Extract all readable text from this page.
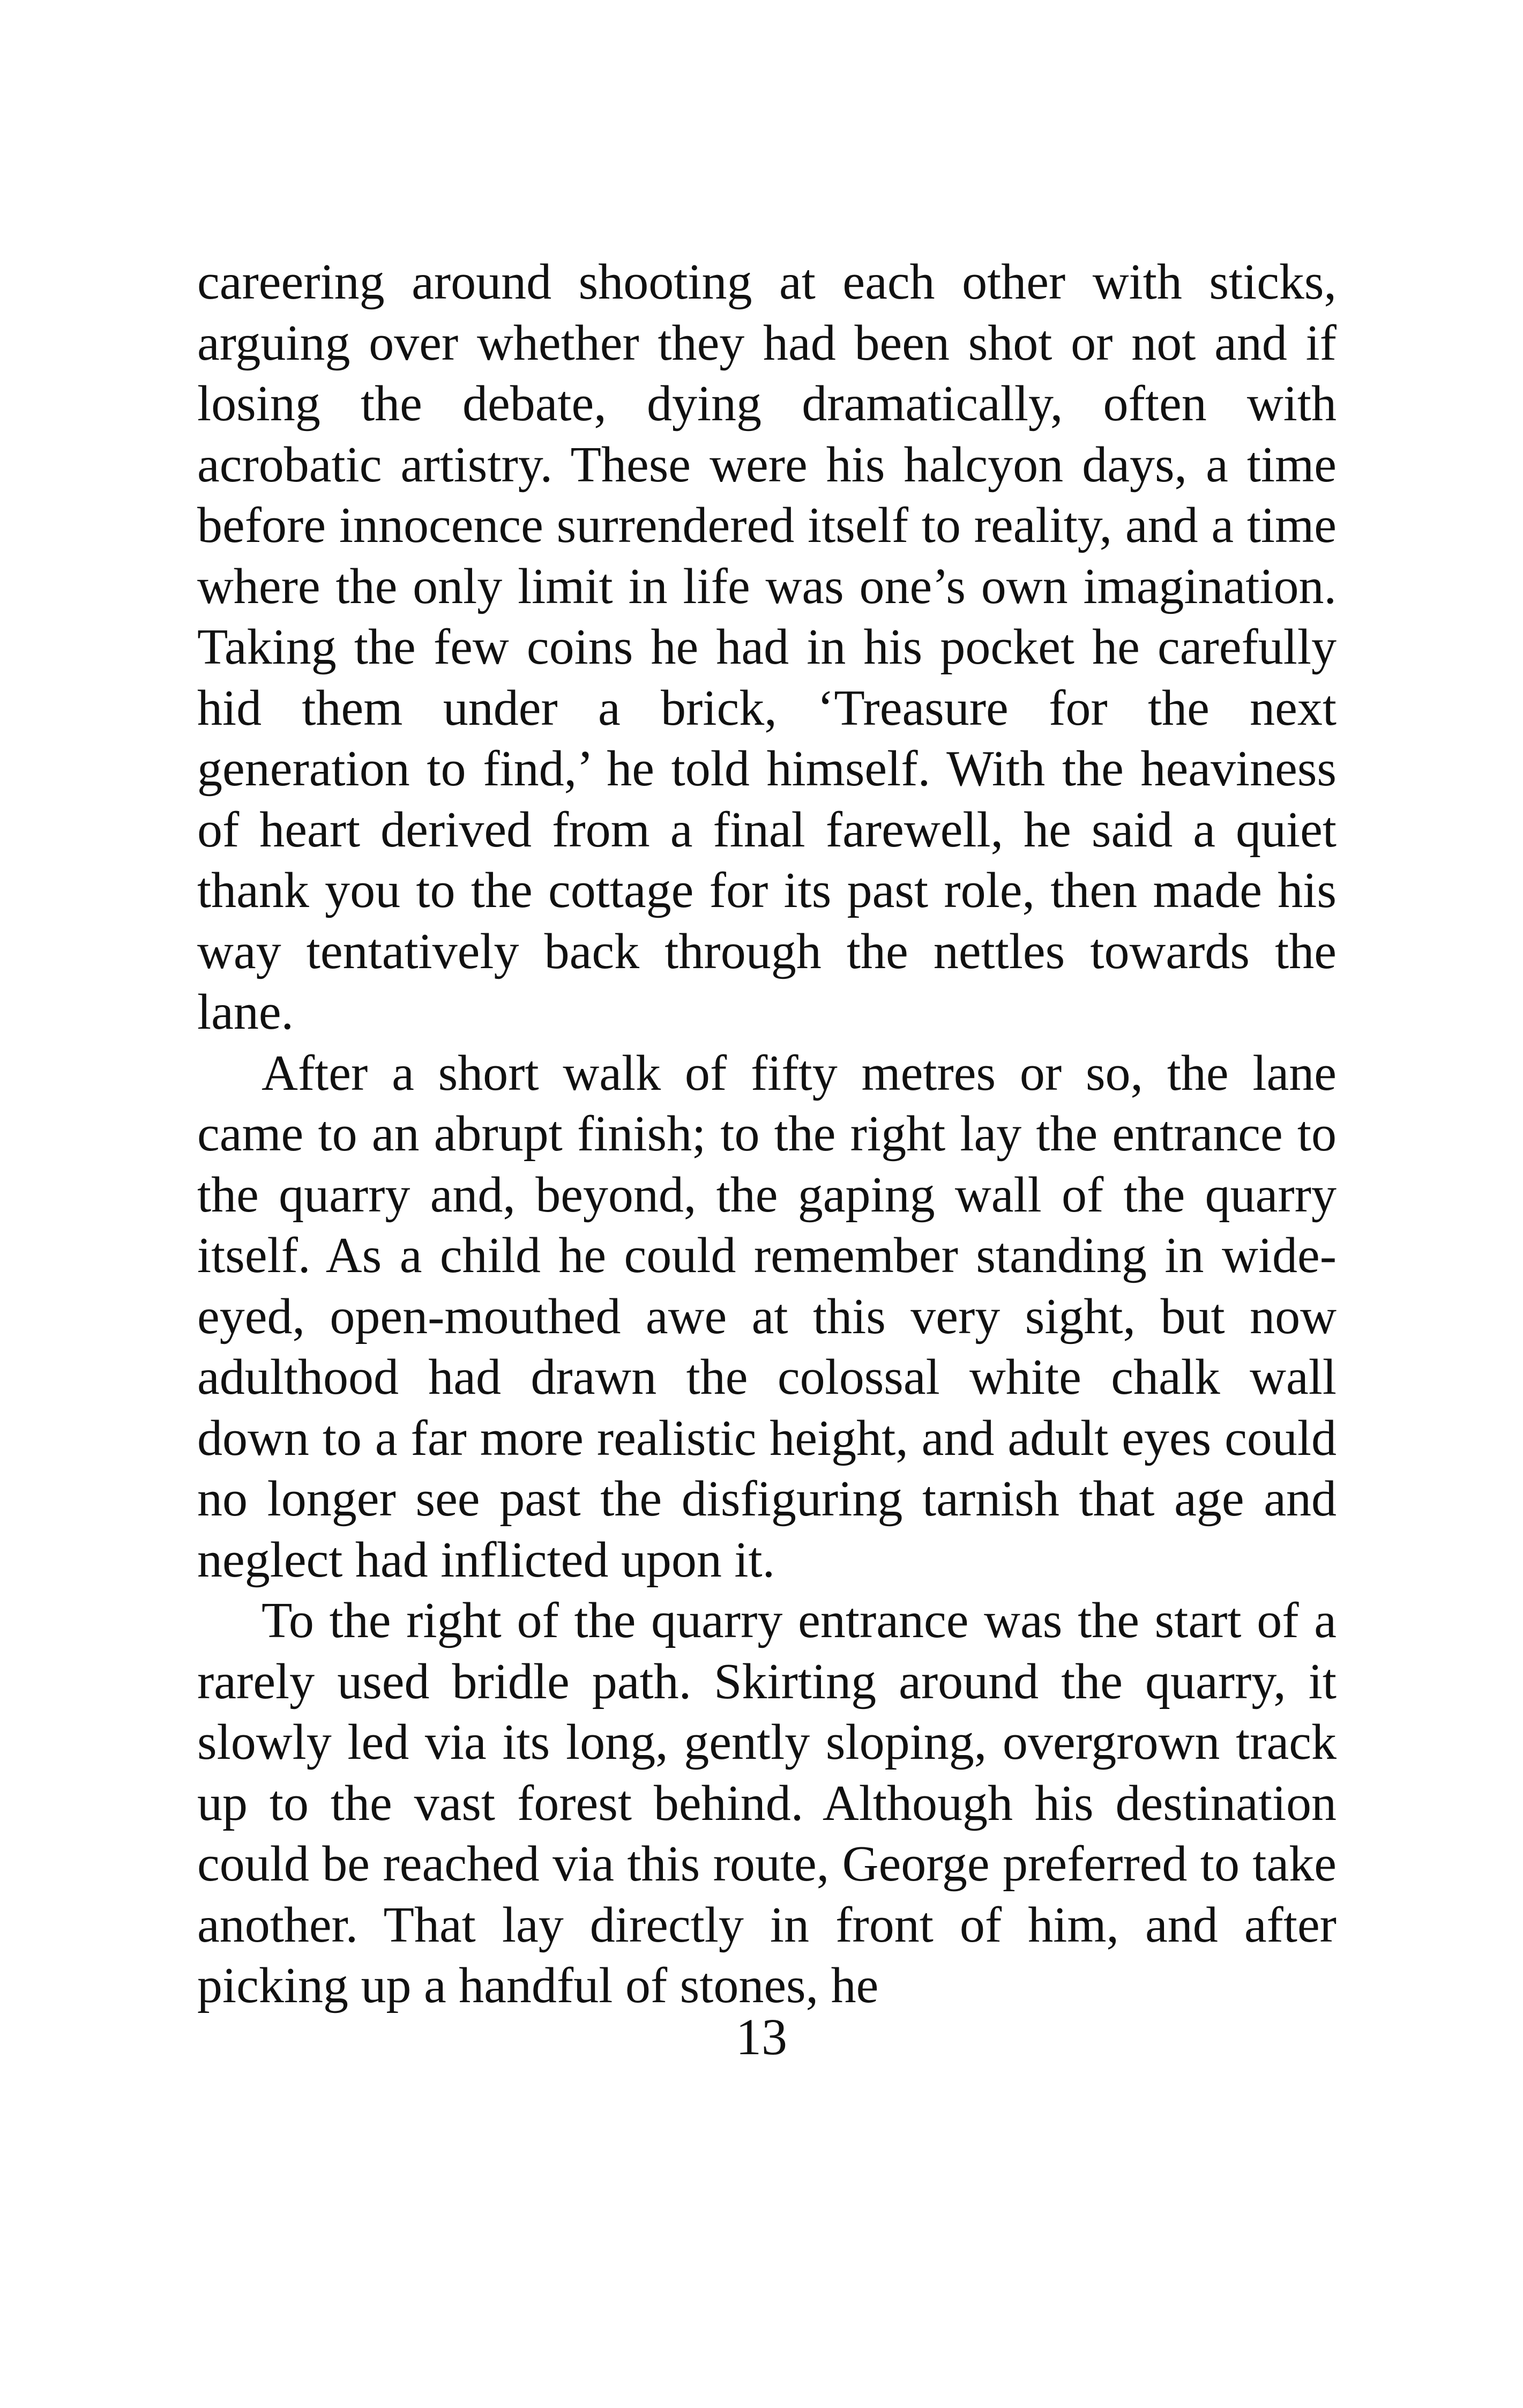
careering around shooting at each other with sticks, arguing over whether they had been shot or not and if losing the debate, dying dramatically, often with acrobatic artistry. These were his halcyon days, a time before innocence surrendered itself to reality, and a time where the only limit in life was one’s own imagination. Taking the few coins he had in his pocket he carefully hid them under a brick, ‘Treasure for the next generation to find,’ he told himself. With the heaviness of heart derived from a final farewell, he said a quiet thank you to the cottage for its past role, then made his way tentatively back through the nettles towards the lane.

After a short walk of fifty metres or so, the lane came to an abrupt finish; to the right lay the entrance to the quarry and, beyond, the gaping wall of the quarry itself. As a child he could remember standing in wide-eyed, open-mouthed awe at this very sight, but now adulthood had drawn the colossal white chalk wall down to a far more realistic height, and adult eyes could no longer see past the disfiguring tarnish that age and neglect had inflicted upon it.

To the right of the quarry entrance was the start of a rarely used bridle path. Skirting around the quarry, it slowly led via its long, gently sloping, overgrown track up to the vast forest behind. Although his destination could be reached via this route, George preferred to take another. That lay directly in front of him, and after picking up a handful of stones, he

13
